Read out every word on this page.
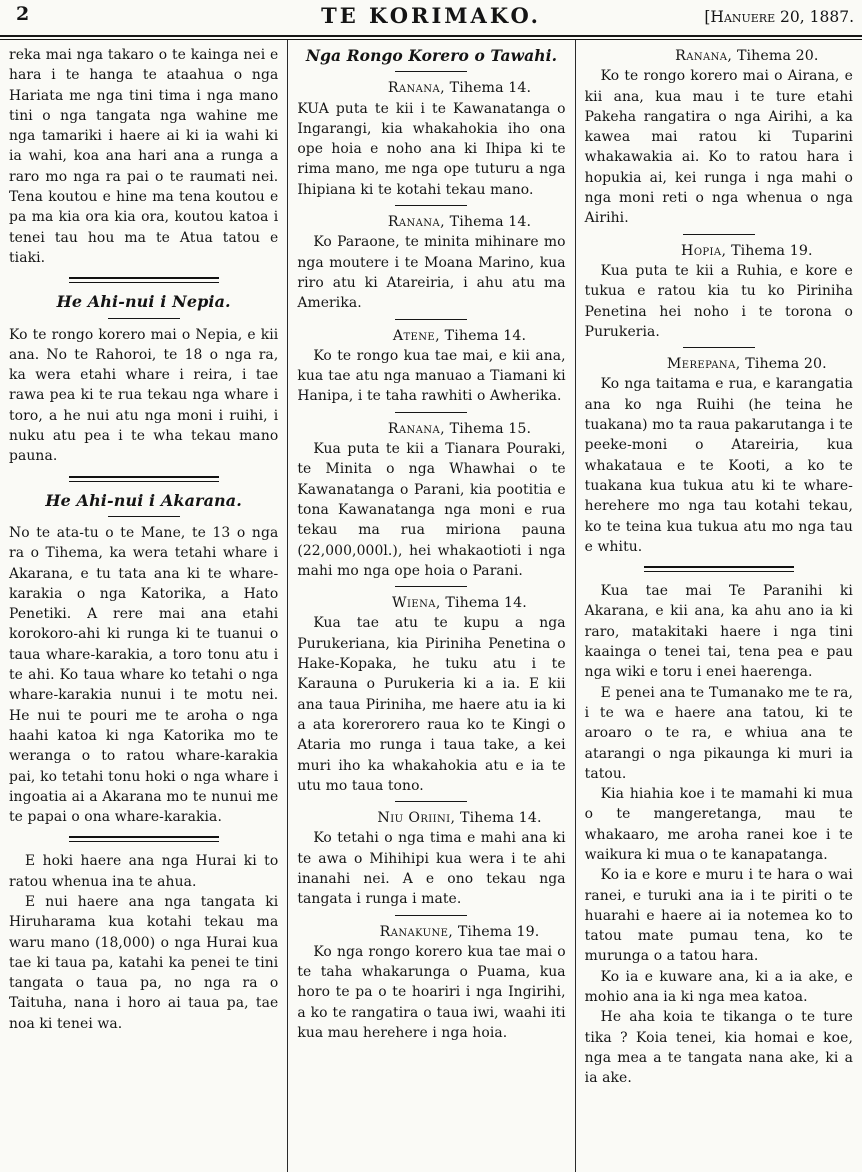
2	TE KORIMAKO.	[Hanuere 20, 1887.

reka mai nga takaro o te kainga nei e hara i te hanga te ataahua o nga Hariata me nga tini tima i nga mano tini o nga tangata nga wahine me nga tamariki i haere ai ki ia wahi ki ia wahi, koa ana hari ana a runga a raro mo nga ra pai o te raumati nei. Tena koutou e hine ma tena koutou e pa ma kia ora kia ora, koutou katoa i tenei tau hou ma te Atua tatou e tiaki.

He Ahi-nui i Nepia.

Ko te rongo korero mai o Nepia, e kii ana. No te Rahoroi, te 18 o nga ra, ka wera etahi whare i reira, i tae rawa pea ki te rua tekau nga whare i toro, a he nui atu nga moni i ruihi, i nuku atu pea i te wha tekau mano pauna.

He Ahi-nui i Akarana.

No te ata-tu o te Mane, te 13 o nga ra o Tihema, ka wera tetahi whare i Akarana, e tu tata ana ki te whare-karakia o nga Katorika, a Hato Penetiki. A rere mai ana etahi korokoro-ahi ki runga ki te tuanui o taua whare-karakia, a toro tonu atu i te ahi. Ko taua whare ko tetahi o nga whare-karakia nunui i te motu nei. He nui te pouri me te aroha o nga haahi katoa ki nga Katorika mo te weranga o to ratou whare-karakia pai, ko tetahi tonu hoki o nga whare i ingoatia ai a Akarana mo te nunui me te papai o ona whare-karakia.

E hoki haere ana nga Hurai ki to ratou whenua ina te ahua.

E nui haere ana nga tangata ki Hiruharama kua kotahi tekau ma waru mano (18,000) o nga Hurai kua tae ki taua pa, katahi ka penei te tini tangata o taua pa, no nga ra o Taituha, nana i horo ai taua pa, tae noa ki tenei wa.

Nga Rongo Korero o Tawahi.
Ranana, Tihema 14.

KUA puta te kii i te Kawanatanga o Ingarangi, kia whakahokia iho ona ope hoia e noho ana ki Ihipa ki te rima mano, me nga ope tuturu a nga Ihipiana ki te kotahi tekau mano.

Ranana, Tihema 14.

Ko Paraone, te minita mihinare mo nga moutere i te Moana Marino, kua riro atu ki Atareiria, i ahu atu ma Amerika.

Atene, Tihema 14.

Ko te rongo kua tae mai, e kii ana, kua tae atu nga manuao a Tiamani ki Hanipa, i te taha rawhiti o Awherika.

Ranana, Tihema 15.

Kua puta te kii a Tianara Pouraki, te Minita o nga Whawhai o te Kawanatanga o Parani, kia pootitia e tona Kawanatanga nga moni e rua tekau ma rua miriona pauna (22,000,000l.), hei whakaotioti i nga mahi mo nga ope hoia o Parani.

Wiena, Tihema 14.

Kua tae atu te kupu a nga Purukeriana, kia Piriniha Penetina o Hake-Kopaka, he tuku atu i te Karauna o Purukeria ki a ia. E kii ana taua Piriniha, me haere atu ia ki a ata korerorero raua ko te Kingi o Ataria mo runga i taua take, a kei muri iho ka whakahokia atu e ia te utu mo taua tono.

Niu Oriini, Tihema 14.

Ko tetahi o nga tima e mahi ana ki te awa o Mihihipi kua wera i te ahi inanahi nei. A e ono tekau nga tangata i runga i mate.

Ranakune, Tihema 19.

Ko nga rongo korero kua tae mai o te taha whakarunga o Puama, kua horo te pa o te hoariri i nga Ingirihi, a ko te rangatira o taua iwi, waahi iti kua mau herehere i nga hoia.

Ranana, Tihema 20.

Ko te rongo korero mai o Airana, e kii ana, kua mau i te ture etahi Pakeha rangatira o nga Airihi, a ka kawea mai ratou ki Tuparini whakawakia ai. Ko to ratou hara i hopukia ai, kei runga i nga mahi o nga moni reti o nga whenua o nga Airihi.

Hopia, Tihema 19.

Kua puta te kii a Ruhia, e kore e tukua e ratou kia tu ko Piriniha Penetina hei noho i te torona o Purukeria.

Merepana, Tihema 20.

Ko nga taitama e rua, e karangatia ana ko nga Ruihi (he teina he tuakana) mo ta raua pakarutanga i te peeke-moni o Atareiria, kua whakataua e te Kooti, a ko te tuakana kua tukua atu ki te whare-herehere mo nga tau kotahi tekau, ko te teina kua tukua atu mo nga tau e whitu.

Kua tae mai Te Paranihi ki Akarana, e kii ana, ka ahu ano ia ki raro, matakitaki haere i nga tini kaainga o tenei tai, tena pea e pau nga wiki e toru i enei haerenga.

E penei ana te Tumanako me te ra, i te wa e haere ana tatou, ki te aroaro o te ra, e whiua ana te atarangi o nga pikaunga ki muri ia tatou.

Kia hiahia koe i te mamahi ki mua o te mangeretanga, mau te whakaaro, me aroha ranei koe i te waikura ki mua o te kanapatanga.

Ko ia e kore e muru i te hara o wai ranei, e turuki ana ia i te piriti o te huarahi e haere ai ia notemea ko to tatou mate pumau tena, ko te murunga o a tatou hara.

Ko ia e kuware ana, ki a ia ake, e mohio ana ia ki nga mea katoa.

He aha koia te tikanga o te ture tika ? Koia tenei, kia homai e koe, nga mea a te tangata nana ake, ki a ia ake.
